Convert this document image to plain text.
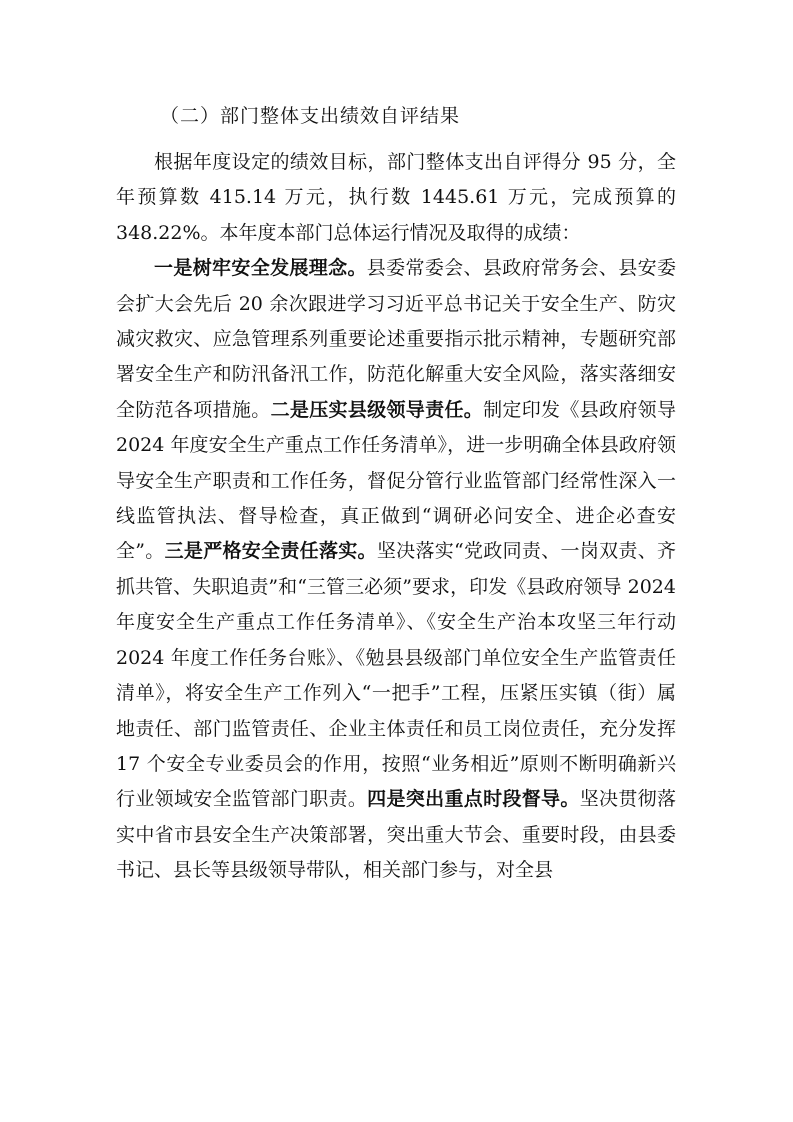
（二）部门整体支出绩效自评结果

根据年度设定的绩效目标，部门整体支出自评得分 95 分，全年预算数 415.14 万元，执行数 1445.61 万元，完成预算的 348.22%。本年度本部门总体运行情况及取得的成绩：

一是树牢安全发展理念。县委常委会、县政府常务会、县安委会扩大会先后 20 余次跟进学习习近平总书记关于安全生产、防灾减灾救灾、应急管理系列重要论述重要指示批示精神，专题研究部署安全生产和防汛备汛工作，防范化解重大安全风险，落实落细安全防范各项措施。二是压实县级领导责任。制定印发《县政府领导 2024 年度安全生产重点工作任务清单》，进一步明确全体县政府领导安全生产职责和工作任务，督促分管行业监管部门经常性深入一线监管执法、督导检查，真正做到“调研必问安全、进企必查安全”。三是严格安全责任落实。坚决落实“党政同责、一岗双责、齐抓共管、失职追责”和“三管三必须”要求，印发《县政府领导 2024 年度安全生产重点工作任务清单》、《安全生产治本攻坚三年行动 2024 年度工作任务台账》、《勉县县级部门单位安全生产监管责任清单》，将安全生产工作列入“一把手”工程，压紧压实镇（街）属地责任、部门监管责任、企业主体责任和员工岗位责任，充分发挥 17 个安全专业委员会的作用，按照“业务相近”原则不断明确新兴行业领域安全监管部门职责。四是突出重点时段督导。坚决贯彻落实中省市县安全生产决策部署，突出重大节会、重要时段，由县委书记、县长等县级领导带队，相关部门参与，对全县
